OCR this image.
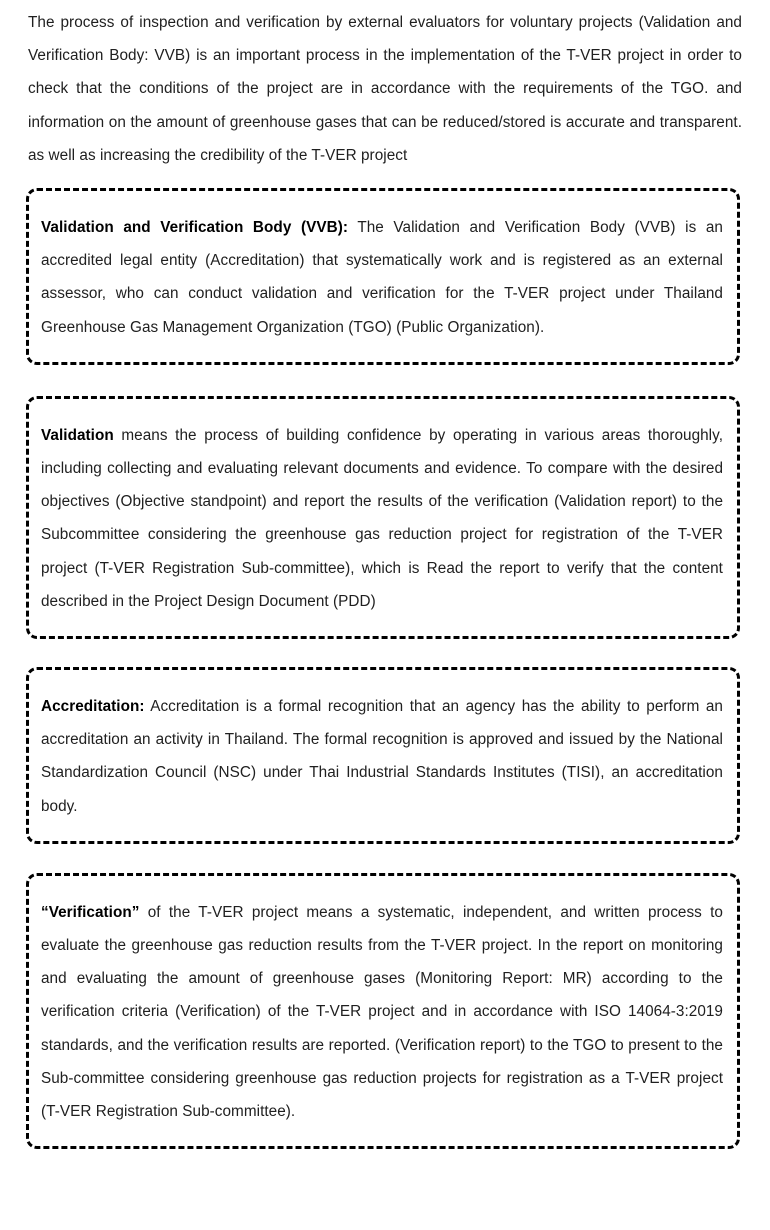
The process of inspection and verification by external evaluators for voluntary projects (Validation and Verification Body: VVB) is an important process in the implementation of the T-VER project in order to check that the conditions of the project are in accordance with the requirements of the TGO. and information on the amount of greenhouse gases that can be reduced/stored is accurate and transparent. as well as increasing the credibility of the T-VER project

Validation and Verification Body (VVB): The Validation and Verification Body (VVB) is an accredited legal entity (Accreditation) that systematically work and is registered as an external assessor, who can conduct validation and verification for the T-VER project under Thailand Greenhouse Gas Management Organization (TGO) (Public Organization).

Validation means the process of building confidence by operating in various areas thoroughly, including collecting and evaluating relevant documents and evidence. To compare with the desired objectives (Objective standpoint) and report the results of the verification (Validation report) to the Subcommittee considering the greenhouse gas reduction project for registration of the T-VER project (T-VER Registration Sub-committee), which is Read the report to verify that the content described in the Project Design Document (PDD)

Accreditation: Accreditation is a formal recognition that an agency has the ability to perform an accreditation an activity in Thailand. The formal recognition is approved and issued by the National Standardization Council (NSC) under Thai Industrial Standards Institutes (TISI), an accreditation body.

“Verification” of the T-VER project means a systematic, independent, and written process to evaluate the greenhouse gas reduction results from the T-VER project. In the report on monitoring and evaluating the amount of greenhouse gases (Monitoring Report: MR) according to the verification criteria (Verification) of the T-VER project and in accordance with ISO 14064-3:2019 standards, and the verification results are reported. (Verification report) to the TGO to present to the Sub-committee considering greenhouse gas reduction projects for registration as a T-VER project (T-VER Registration Sub-committee).
